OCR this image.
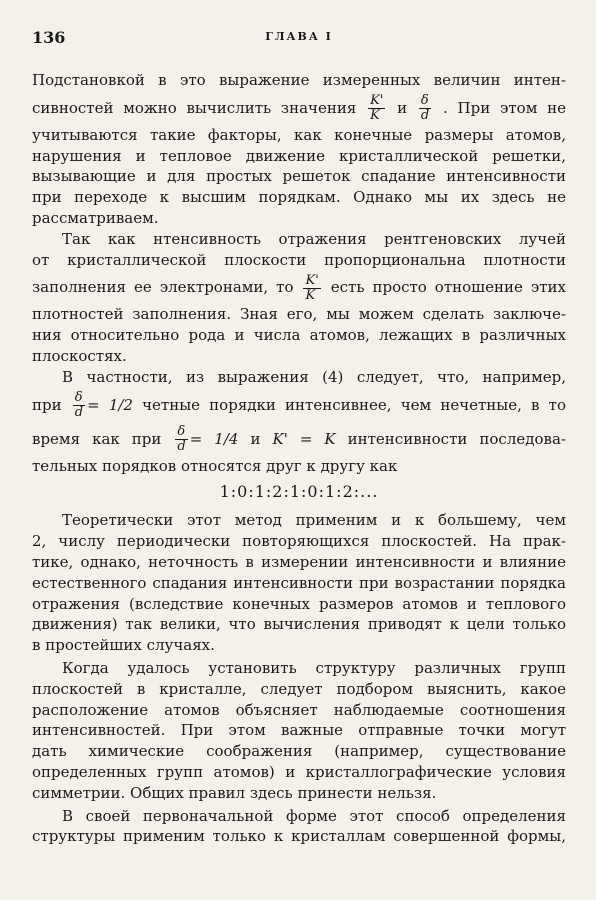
136	ГЛАВА I

Подстановкой в это выражение измеренных величин интен-
сивностей можно вычислить значения $\frac{K'}{K}$ и $\frac{\delta}{d}$ . При этом не
учитываются такие факторы, как конечные размеры атомов,
нарушения и тепловое движение кристаллической решетки,
вызывающие и для простых решеток спадание интенсивности
при переходе к высшим порядкам. Однако мы их здесь не
рассматриваем.

Так как нтенсивность отражения рентгеновских лучей
от кристаллической плоскости пропорциональна плотности
заполнения ее электронами, то $\frac{K'}{K}$ есть просто отношение этих
плотностей заполнения. Зная его, мы можем сделать заключе-
ния относительно рода и числа атомов, лежащих в различных
плоскостях.

В частности, из выражения (4) следует, что, например,
при $\frac{\delta}{d} = 1/2$ четные порядки интенсивнее, чем нечетные, в то
время как при $\frac{\delta}{d} = 1/4$ и K' = K интенсивности последова-
тельных порядков относятся друг к другу как
1:0:1:2:1:0:1:2:...

Теоретически этот метод применим и к большему, чем
2, числу периодически повторяющихся плоскостей. На прак-
тике, однако, неточность в измерении интенсивности и влияние
естественного спадания интенсивности при возрастании порядка
отражения (вследствие конечных размеров атомов и теплового
движения) так велики, что вычисления приводят к цели только
в простейших случаях.

Когда удалось установить структуру различных групп
плоскостей в кристалле, следует подбором выяснить, какое
расположение атомов объясняет наблюдаемые соотношения
интенсивностей. При этом важные отправные точки могут
дать химические соображения (например, существование
определенных групп атомов) и кристаллографические условия
симметрии. Общих правил здесь принести нельзя.

В своей первоначальной форме этот способ определения
структуры применим только к кристаллам совершенной формы,
